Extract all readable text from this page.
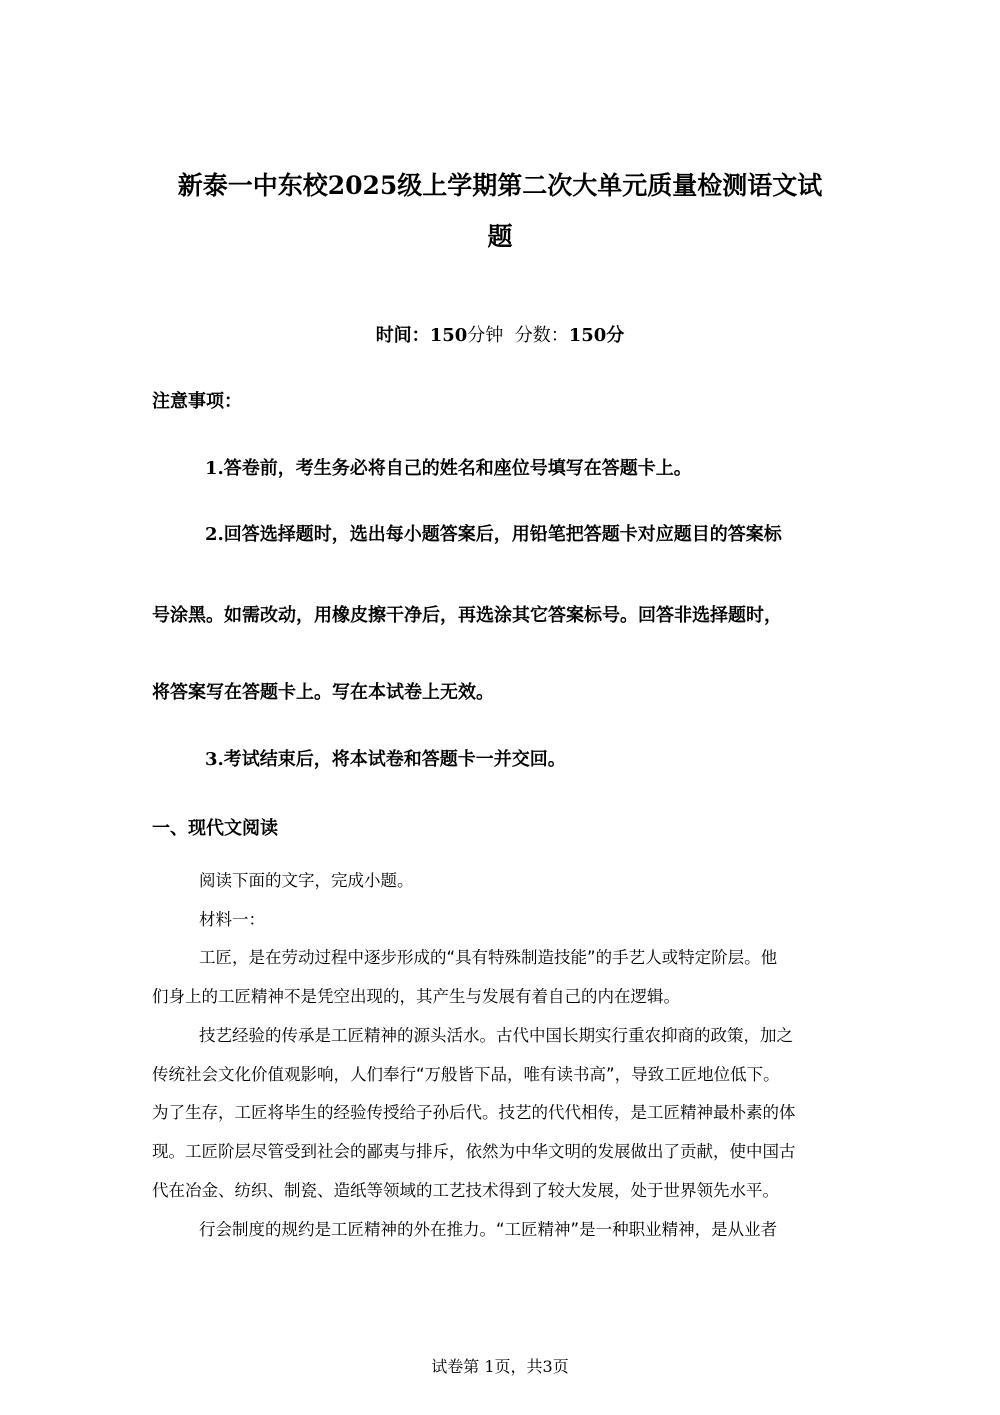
新泰一中东校2025级上学期第二次大单元质量检测语文试
题
时间：150分钟 分数：150分
注意事项：
1.答卷前，考生务必将自己的姓名和座位号填写在答题卡上。
2.回答选择题时，选出每小题答案后，用铅笔把答题卡对应题目的答案标
号涂黑。如需改动，用橡皮擦干净后，再选涂其它答案标号。回答非选择题时，
将答案写在答题卡上。写在本试卷上无效。
3.考试结束后，将本试卷和答题卡一并交回。
一、现代文阅读
阅读下面的文字，完成小题。
材料一：
工匠，是在劳动过程中逐步形成的“具有特殊制造技能”的手艺人或特定阶层。他
们身上的工匠精神不是凭空出现的，其产生与发展有着自己的内在逻辑。
技艺经验的传承是工匠精神的源头活水。古代中国长期实行重农抑商的政策，加之
传统社会文化价值观影响，人们奉行“万般皆下品，唯有读书高”，导致工匠地位低下。
为了生存，工匠将毕生的经验传授给子孙后代。技艺的代代相传，是工匠精神最朴素的体
现。工匠阶层尽管受到社会的鄙夷与排斥，依然为中华文明的发展做出了贡献，使中国古
代在冶金、纺织、制瓷、造纸等领域的工艺技术得到了较大发展，处于世界领先水平。
行会制度的规约是工匠精神的外在推力。“工匠精神”是一种职业精神，是从业者
试卷第 1页，共3页
